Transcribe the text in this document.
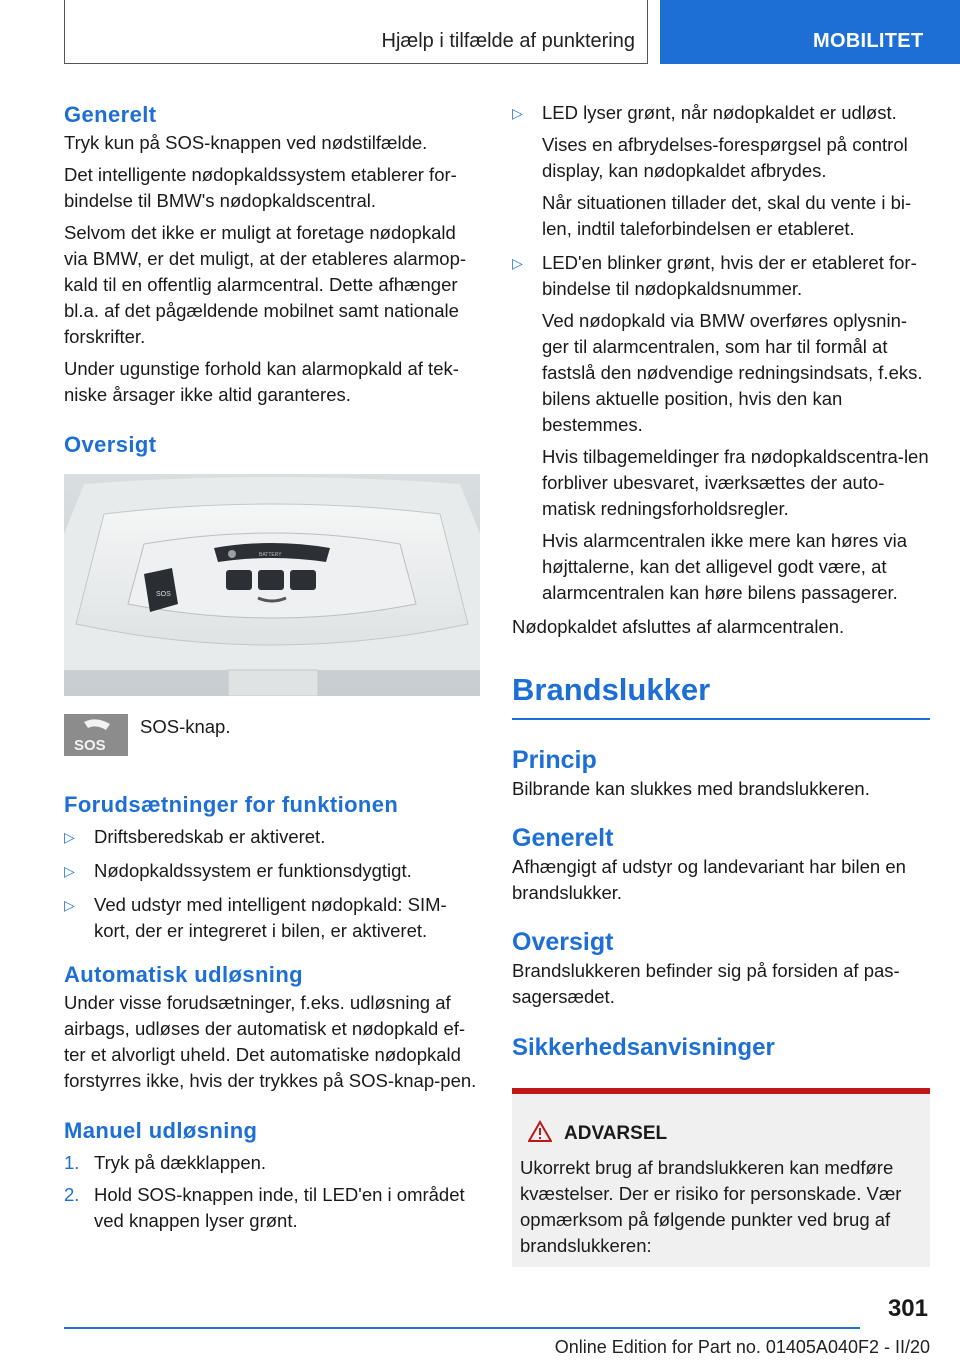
Hjælp i tilfælde af punktering	MOBILITET
Generelt

Tryk kun på SOS-knappen ved nødstilfælde.

Det intelligente nødopkaldssystem etablerer for-bindelse til BMW's nødopkaldscentral.

Selvom det ikke er muligt at foretage nødopkald via BMW, er det muligt, at der etableres alarmop-kald til en offentlig alarmcentral. Dette afhænger bl.a. af det pågældende mobilnet samt nationale forskrifter.

Under ugunstige forhold kan alarmopkald af tek-niske årsager ikke altid garanteres.

Oversigt
BATTERY
SOS
SOS
SOS-knap.
Forudsætninger for funktionen
▷ Driftsberedskab er aktiveret.
▷ Nødopkaldssystem er funktionsdygtigt.
▷ Ved udstyr med intelligent nødopkald: SIM-kort, der er integreret i bilen, er aktiveret.
Automatisk udløsning

Under visse forudsætninger, f.eks. udløsning af airbags, udløses der automatisk et nødopkald ef-ter et alvorligt uheld. Det automatiske nødopkald forstyrres ikke, hvis der trykkes på SOS-knap-pen.

Manuel udløsning
1. Tryk på dækklappen.
2. Hold SOS-knappen inde, til LED'en i området ved knappen lyser grønt.
▷ LED lyser grønt, når nødopkaldet er udløst.
Vises en afbrydelses-forespørgsel på control display, kan nødopkaldet afbrydes.
Når situationen tillader det, skal du vente i bi-len, indtil taleforbindelsen er etableret.
▷ LED'en blinker grønt, hvis der er etableret for-bindelse til nødopkaldsnummer.
Ved nødopkald via BMW overføres oplysnin-ger til alarmcentralen, som har til formål at fastslå den nødvendige redningsindsats, f.eks. bilens aktuelle position, hvis den kan bestemmes.
Hvis tilbagemeldinger fra nødopkaldscentra-len forbliver ubesvaret, iværksættes der auto-matisk redningsforholdsregler.
Hvis alarmcentralen ikke mere kan høres via højttalerne, kan det alligevel godt være, at alarmcentralen kan høre bilens passagerer.

Nødopkaldet afsluttes af alarmcentralen.

Brandslukker
Princip

Bilbrande kan slukkes med brandslukkeren.

Generelt

Afhængigt af udstyr og landevariant har bilen en brandslukker.

Oversigt

Brandslukkeren befinder sig på forsiden af pas-sagersædet.

Sikkerhedsanvisninger
ADVARSEL

Ukorrekt brug af brandslukkeren kan medføre kvæstelser. Der er risiko for personskade. Vær opmærksom på følgende punkter ved brug af brandslukkeren:

301
Online Edition for Part no. 01405A040F2 - II/20
